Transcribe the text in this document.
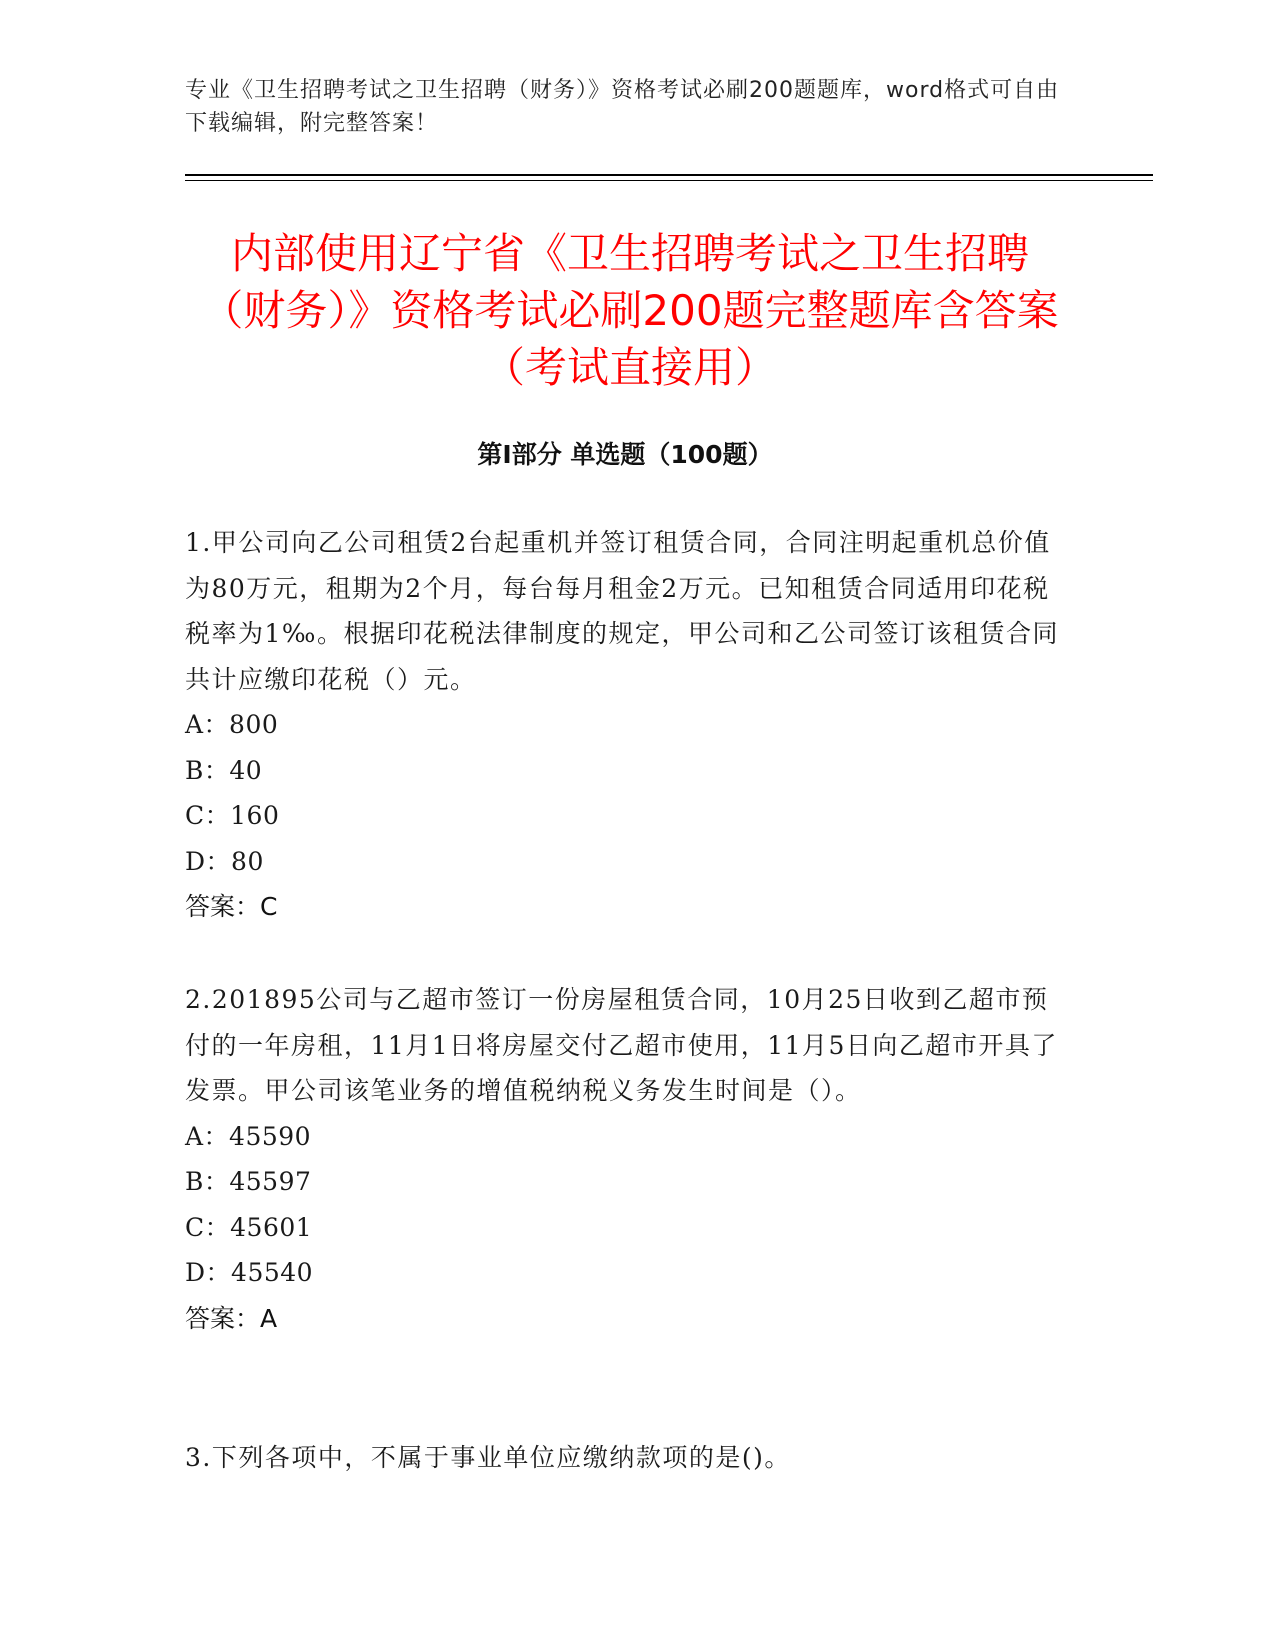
专业《卫生招聘考试之卫生招聘（财务）》资格考试必刷200题题库，word格式可自由下载编辑，附完整答案！
内部使用辽宁省《卫生招聘考试之卫生招聘（财务）》资格考试必刷200题完整题库含答案（考试直接用）
第Ⅰ部分 单选题（100题）
1.甲公司向乙公司租赁2台起重机并签订租赁合同，合同注明起重机总价值为80万元，租期为2个月，每台每月租金2万元。已知租赁合同适用印花税税率为1‰。根据印花税法律制度的规定，甲公司和乙公司签订该租赁合同共计应缴印花税（）元。
A：800
B：40
C：160
D：80
答案：C
2.201895公司与乙超市签订一份房屋租赁合同，10月25日收到乙超市预付的一年房租，11月1日将房屋交付乙超市使用，11月5日向乙超市开具了发票。甲公司该笔业务的增值税纳税义务发生时间是（）。
A：45590
B：45597
C：45601
D：45540
答案：A
3.下列各项中，不属于事业单位应缴纳款项的是()。
